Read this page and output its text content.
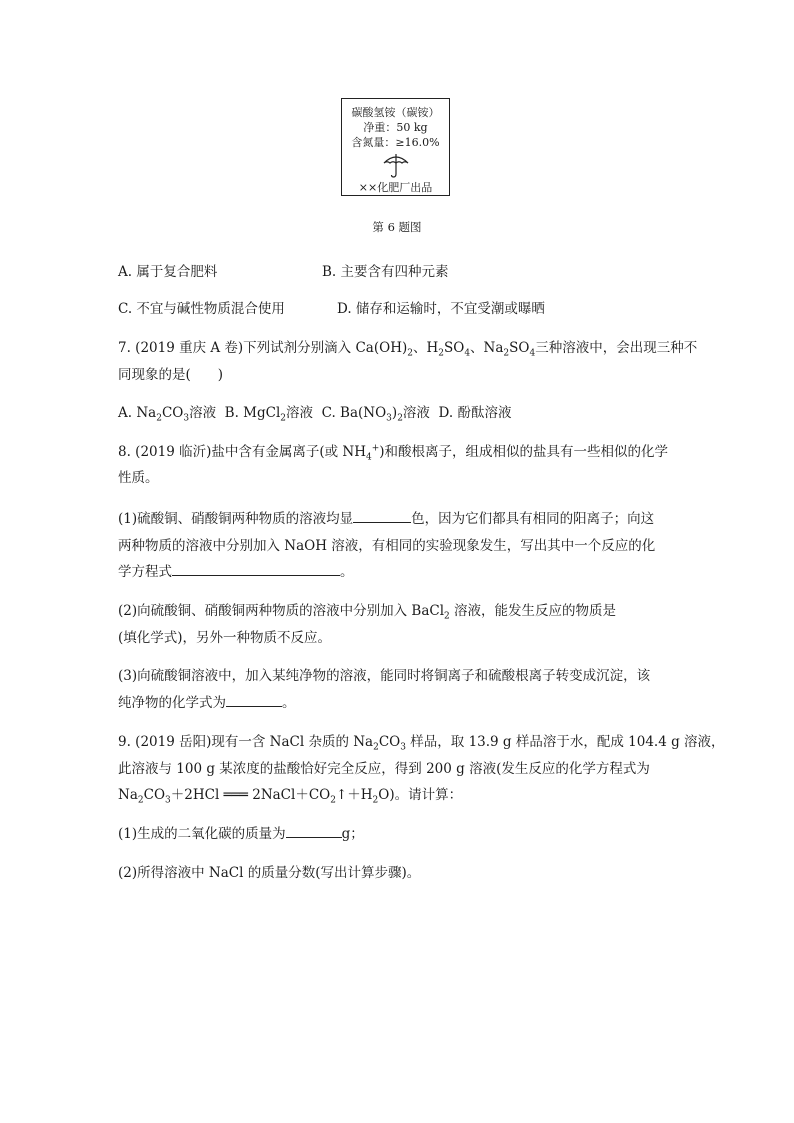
碳酸氢铵（碳铵）
净重：50 kg
含氮量：≥16.0%
××化肥厂出品
第 6 题图
A. 属于复合肥料	B. 主要含有四种元素
C. 不宜与碱性物质混合使用	D. 储存和运输时，不宜受潮或曝晒
7. (2019 重庆 A 卷)下列试剂分别滴入 $Ca(OH)_2$、$H_2SO_4$、$Na_2SO_4$三种溶液中，会出现三种不
同现象的是(　　)
A. $Na_2CO_3$溶液 B. MgCl$_2$溶液 C. $Ba(NO_3)_2$溶液 D. 酚酞溶液
8. (2019 临沂)盐中含有金属离子(或 $NH_4^+$)和酸根离子，组成相似的盐具有一些相似的化学
性质。
(1)硫酸铜、硝酸铜两种物质的溶液均显	色，因为它们都具有相同的阳离子；向这
两种物质的溶液中分别加入 NaOH 溶液，有相同的实验现象发生，写出其中一个反应的化
学方程式	。
(2)向硫酸铜、硝酸铜两种物质的溶液中分别加入 BaCl$_2$ 溶液，能发生反应的物质是
(填化学式)，另外一种物质不反应。
(3)向硫酸铜溶液中，加入某纯净物的溶液，能同时将铜离子和硫酸根离子转变成沉淀，该
纯净物的化学式为	。
9. (2019 岳阳)现有一含 NaCl 杂质的 $Na_2CO_3$ 样品，取 13.9 g 样品溶于水，配成 104.4 g 溶液，
此溶液与 100 g 某浓度的盐酸恰好完全反应，得到 200 g 溶液(发生反应的化学方程式为
$Na_2CO_3+2HCl$ ═══ $2NaCl+CO_2↑+H_2O$)。请计算：
(1)生成的二氧化碳的质量为	g；
(2)所得溶液中 NaCl 的质量分数(写出计算步骤)。
